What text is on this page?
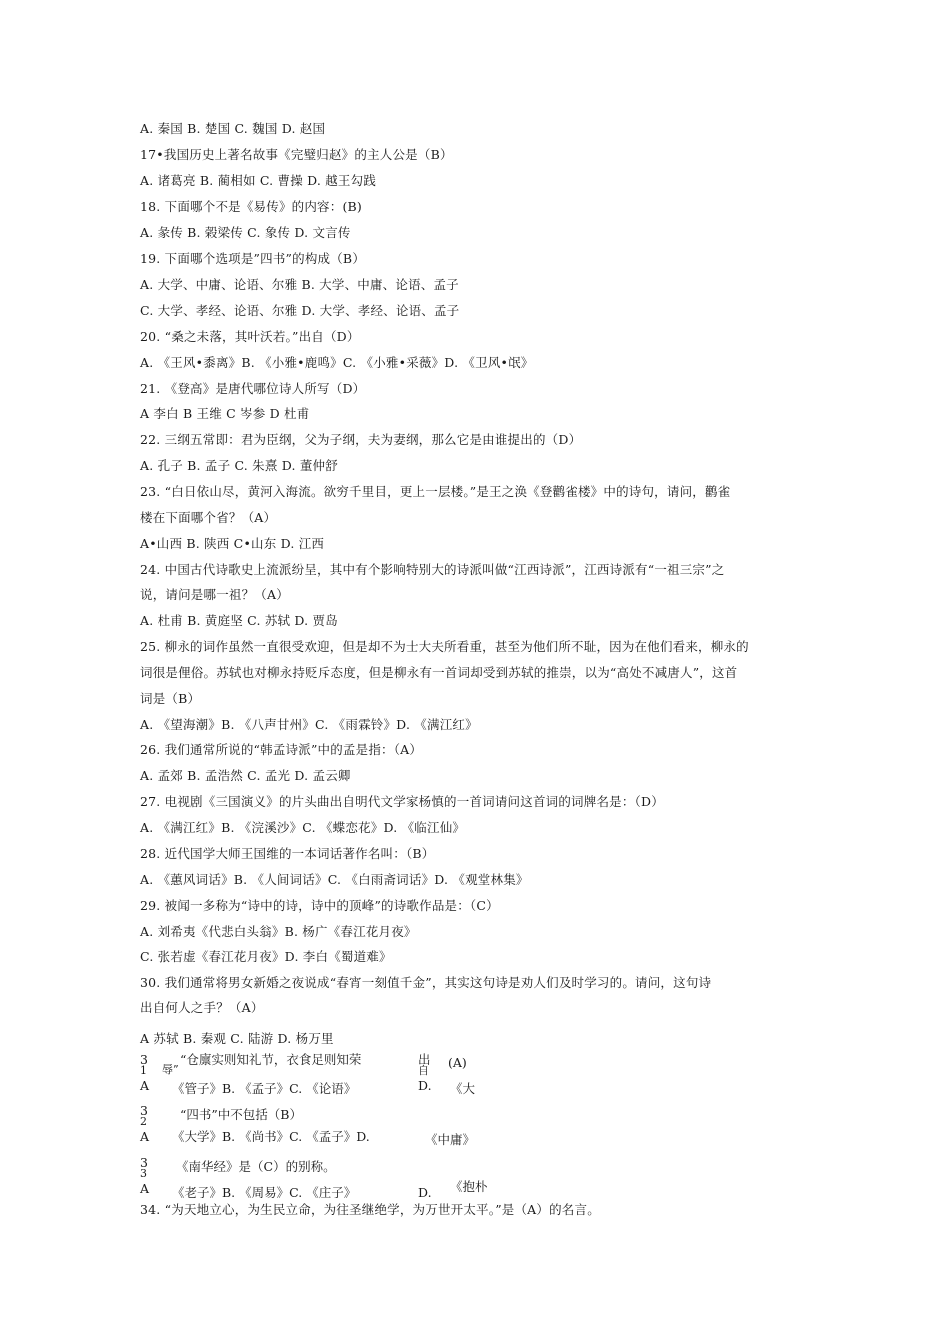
A. 秦国 B. 楚国 C. 魏国 D. 赵国
17•我国历史上著名故事《完璧归赵》的主人公是（B）
A. 诸葛亮 B. 蔺相如 C. 曹操 D. 越王勾践
18. 下面哪个不是《易传》的内容：(B)
A. 彖传 B. 榖梁传 C. 象传 D. 文言传
19. 下面哪个选项是”四书”的构成（B）
A. 大学、中庸、论语、尔雅 B. 大学、中庸、论语、孟子
C. 大学、孝经、论语、尔雅 D. 大学、孝经、论语、孟子
20. “桑之未落，其叶沃若。”出自（D）
A. 《王风•黍离》B. 《小雅•鹿鸣》C. 《小雅•采薇》D. 《卫风•氓》
21. 《登高》是唐代哪位诗人所写（D）
A 李白 B 王维 C 岑参 D 杜甫
22. 三纲五常即：君为臣纲，父为子纲，夫为妻纲，那么它是由谁提出的（D）
A. 孔子 B. 孟子 C. 朱熹 D. 董仲舒
23. “白日依山尽，黄河入海流。欲穷千里目，更上一层楼。”是王之涣《登鹳雀楼》中的诗句，请问，鹳雀
楼在下面哪个省？（A）
A•山西 B. 陕西 C•山东 D. 江西
24. 中国古代诗歌史上流派纷呈，其中有个影响特别大的诗派叫做“江西诗派”，江西诗派有“一祖三宗”之
说，请问是哪一祖？（A）
A. 杜甫 B. 黄庭坚 C. 苏轼 D. 贾岛
25. 柳永的词作虽然一直很受欢迎，但是却不为士大夫所看重，甚至为他们所不耻，因为在他们看来，柳永的
词很是俚俗。苏轼也对柳永持贬斥态度，但是柳永有一首词却受到苏轼的推崇，以为“高处不减唐人”，这首
词是（B）
A. 《望海潮》B. 《八声甘州》C. 《雨霖铃》D. 《满江红》
26. 我们通常所说的“韩孟诗派”中的孟是指：（A）
A. 孟郊 B. 孟浩然 C. 孟光 D. 孟云卿
27. 电视剧《三国演义》的片头曲出自明代文学家杨慎的一首词请问这首词的词牌名是：（D）
A. 《满江红》B. 《浣溪沙》C. 《蝶恋花》D. 《临江仙》
28. 近代国学大师王国维的一本词话著作名叫：（B）
A. 《蕙风词话》B. 《人间词话》C. 《白雨斋词话》D. 《观堂林集》
29. 被闻一多称为“诗中的诗，诗中的顶峰”的诗歌作品是：（C）
A. 刘希夷《代悲白头翁》B. 杨广《春江花月夜》
C. 张若虚《春江花月夜》D. 李白《蜀道难》
30. 我们通常将男女新婚之夜说成“春宵一刻值千金”，其实这句诗是劝人们及时学习的。请问，这句诗
出自何人之手？（A）
A 苏轼 B. 秦观 C. 陆游 D. 杨万里
3	“仓廪实则知礼节，衣食足则知荣	出 (A)
1 辱”	自
A 《管子》B. 《孟子》C. 《论语》	D. 《大
3	“四书”中不包括（B）
2
A 《大学》B. 《尚书》C. 《孟子》D.	《中庸》
3 《南华经》是（C）的别称。
3
A 《老子》B. 《周易》C. 《庄子》	D. 《抱朴
34. “为天地立心，为生民立命，为往圣继绝学，为万世开太平。”是（A）的名言。
